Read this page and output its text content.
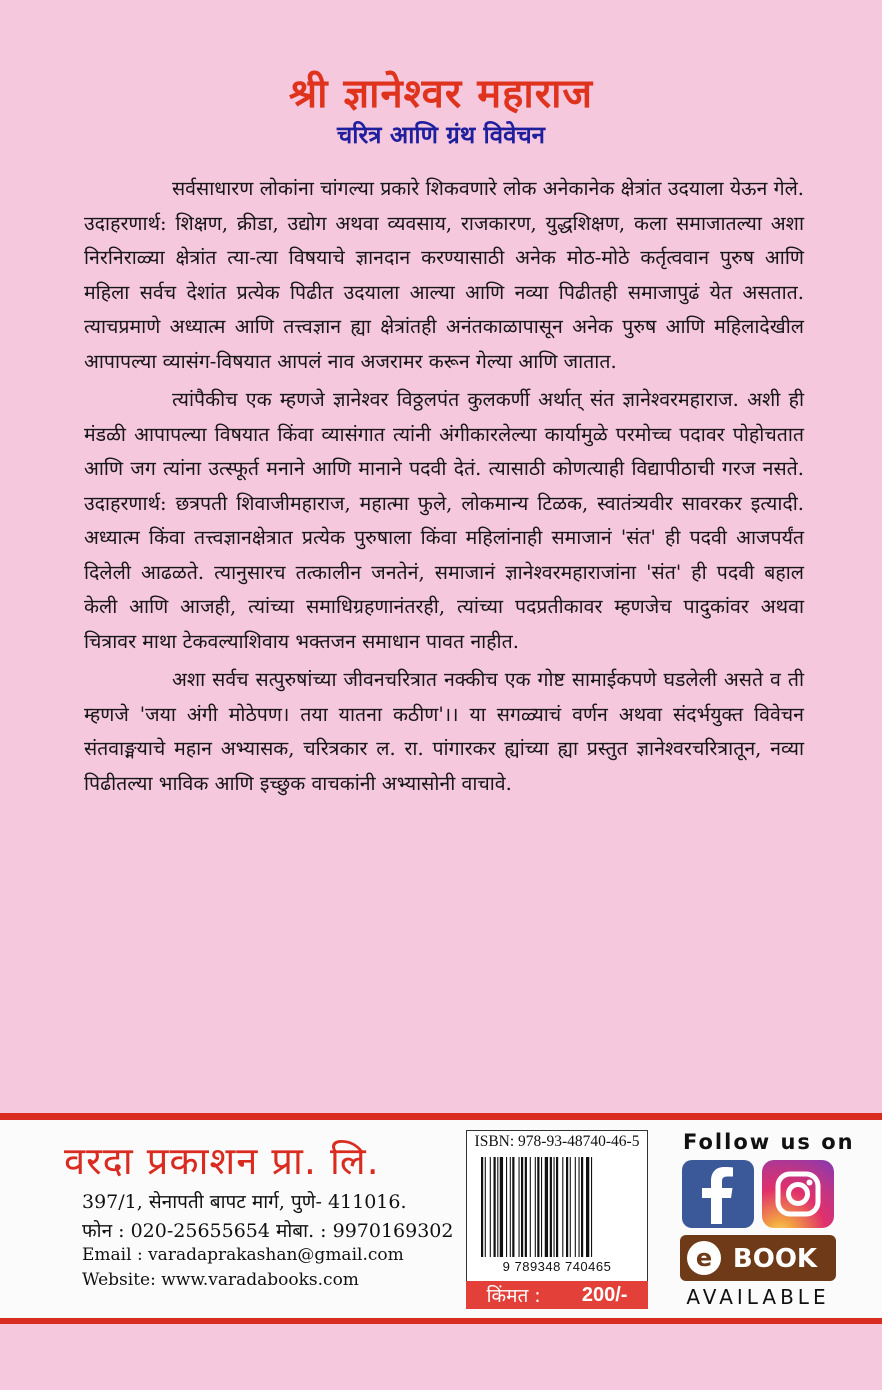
श्री ज्ञानेश्वर महाराज
चरित्र आणि ग्रंथ विवेचन

सर्वसाधारण लोकांना चांगल्या प्रकारे शिकवणारे लोक अनेकानेक क्षेत्रांत उदयाला येऊन गेले. उदाहरणार्थ: शिक्षण, क्रीडा, उद्योग अथवा व्यवसाय, राजकारण, युद्धशिक्षण, कला समाजातल्या अशा निरनिराळ्या क्षेत्रांत त्या-त्या विषयाचे ज्ञानदान करण्यासाठी अनेक मोठ-मोठे कर्तृत्ववान पुरुष आणि महिला सर्वच देशांत प्रत्येक पिढीत उदयाला आल्या आणि नव्या पिढीतही समाजापुढं येत असतात. त्याचप्रमाणे अध्यात्म आणि तत्त्वज्ञान ह्या क्षेत्रांतही अनंतकाळापासून अनेक पुरुष आणि महिलादेखील आपापल्या व्यासंग-विषयात आपलं नाव अजरामर करून गेल्या आणि जातात.

त्यांपैकीच एक म्हणजे ज्ञानेश्वर विठ्ठलपंत कुलकर्णी अर्थात् संत ज्ञानेश्वरमहाराज. अशी ही मंडळी आपापल्या विषयात किंवा व्यासंगात त्यांनी अंगीकारलेल्या कार्यामुळे परमोच्च पदावर पोहोचतात आणि जग त्यांना उत्स्फूर्त मनाने आणि मानाने पदवी देतं. त्यासाठी कोणत्याही विद्यापीठाची गरज नसते. उदाहरणार्थ: छत्रपती शिवाजीमहाराज, महात्मा फुले, लोकमान्य टिळक, स्वातंत्र्यवीर सावरकर इत्यादी. अध्यात्म किंवा तत्त्वज्ञानक्षेत्रात प्रत्येक पुरुषाला किंवा महिलांनाही समाजानं 'संत' ही पदवी आजपर्यंत दिलेली आढळते. त्यानुसारच तत्कालीन जनतेनं, समाजानं ज्ञानेश्वरमहाराजांना 'संत' ही पदवी बहाल केली आणि आजही, त्यांच्या समाधिग्रहणानंतरही, त्यांच्या पदप्रतीकावर म्हणजेच पादुकांवर अथवा चित्रावर माथा टेकवल्याशिवाय भक्तजन समाधान पावत नाहीत.

अशा सर्वच सत्पुरुषांच्या जीवनचरित्रात नक्कीच एक गोष्ट सामाईकपणे घडलेली असते व ती म्हणजे 'जया अंगी मोठेपण। तया यातना कठीण'।। या सगळ्याचं वर्णन अथवा संदर्भयुक्त विवेचन संतवाङ्मयाचे महान अभ्यासक, चरित्रकार ल. रा. पांगारकर ह्यांच्या ह्या प्रस्तुत ज्ञानेश्वरचरित्रातून, नव्या पिढीतल्या भाविक आणि इच्छुक वाचकांनी अभ्यासोनी वाचावे.

वरदा प्रकाशन प्रा. लि.
397/1, सेनापती बापट मार्ग, पुणे- 411016.
फोन : 020-25655654 मोबा. : 9970169302
Email : varadaprakashan@gmail.com
Website: www.varadabooks.com
ISBN: 978-93-48740-46-5
9 789348 740465
किंमत : 200/-
Follow us on
e BOOK
AVAILABLE
